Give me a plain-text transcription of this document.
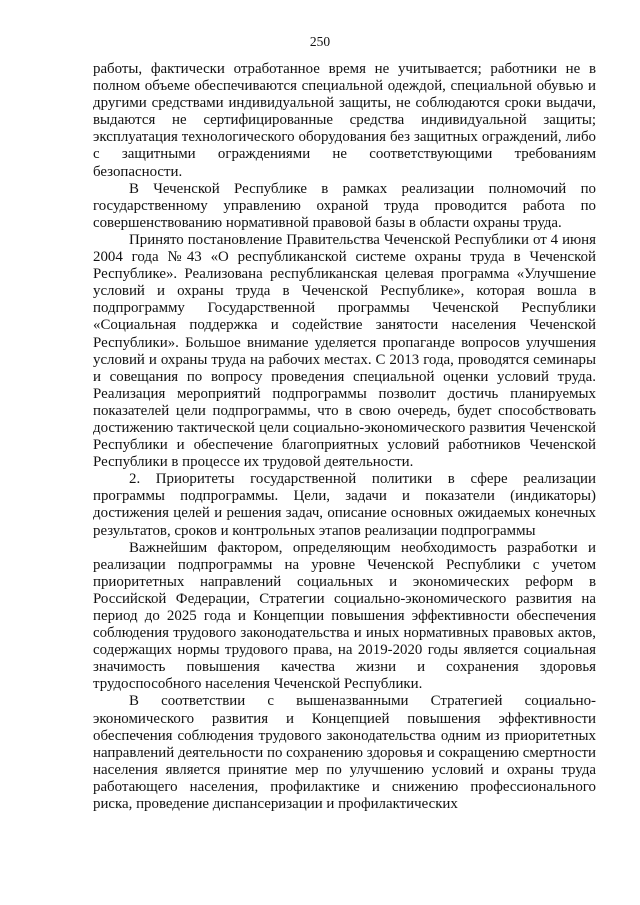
250

работы, фактически отработанное время не учитывается; работники не в полном объеме обеспечиваются специальной одеждой, специальной обувью и другими средствами индивидуальной защиты, не соблюдаются сроки выдачи, выдаются не сертифицированные средства индивидуальной защиты; эксплуатация технологического оборудования без защитных ограждений, либо с защитными ограждениями не соответствующими требованиям безопасности.

В Чеченской Республике в рамках реализации полномочий по государственному управлению охраной труда проводится работа по совершенствованию нормативной правовой базы в области охраны труда.

Принято постановление Правительства Чеченской Республики от 4 июня 2004 года №43 «О республиканской системе охраны труда в Чеченской Республике». Реализована республиканская целевая программа «Улучшение условий и охраны труда в Чеченской Республике», которая вошла в подпрограмму Государственной программы Чеченской Республики «Социальная поддержка и содействие занятости населения Чеченской Республики». Большое внимание уделяется пропаганде вопросов улучшения условий и охраны труда на рабочих местах. С 2013 года, проводятся семинары и совещания по вопросу проведения специальной оценки условий труда. Реализация мероприятий подпрограммы позволит достичь планируемых показателей цели подпрограммы, что в свою очередь, будет способствовать достижению тактической цели социально-экономического развития Чеченской Республики и обеспечение благоприятных условий работников Чеченской Республики в процессе их трудовой деятельности.

2. Приоритеты государственной политики в сфере реализации программы подпрограммы. Цели, задачи и показатели (индикаторы) достижения целей и решения задач, описание основных ожидаемых конечных результатов, сроков и контрольных этапов реализации подпрограммы

Важнейшим фактором, определяющим необходимость разработки и реализации подпрограммы на уровне Чеченской Республики с учетом приоритетных направлений социальных и экономических реформ в Российской Федерации, Стратегии социально-экономического развития на период до 2025 года и Концепции повышения эффективности обеспечения соблюдения трудового законодательства и иных нормативных правовых актов, содержащих нормы трудового права, на 2019-2020 годы является социальная значимость повышения качества жизни и сохранения здоровья трудоспособного населения Чеченской Республики.

В соответствии с вышеназванными Стратегией социально-экономического развития и Концепцией повышения эффективности обеспечения соблюдения трудового законодательства одним из приоритетных направлений деятельности по сохранению здоровья и сокращению смертности населения является принятие мер по улучшению условий и охраны труда работающего населения, профилактике и снижению профессионального риска, проведение диспансеризации и профилактических
